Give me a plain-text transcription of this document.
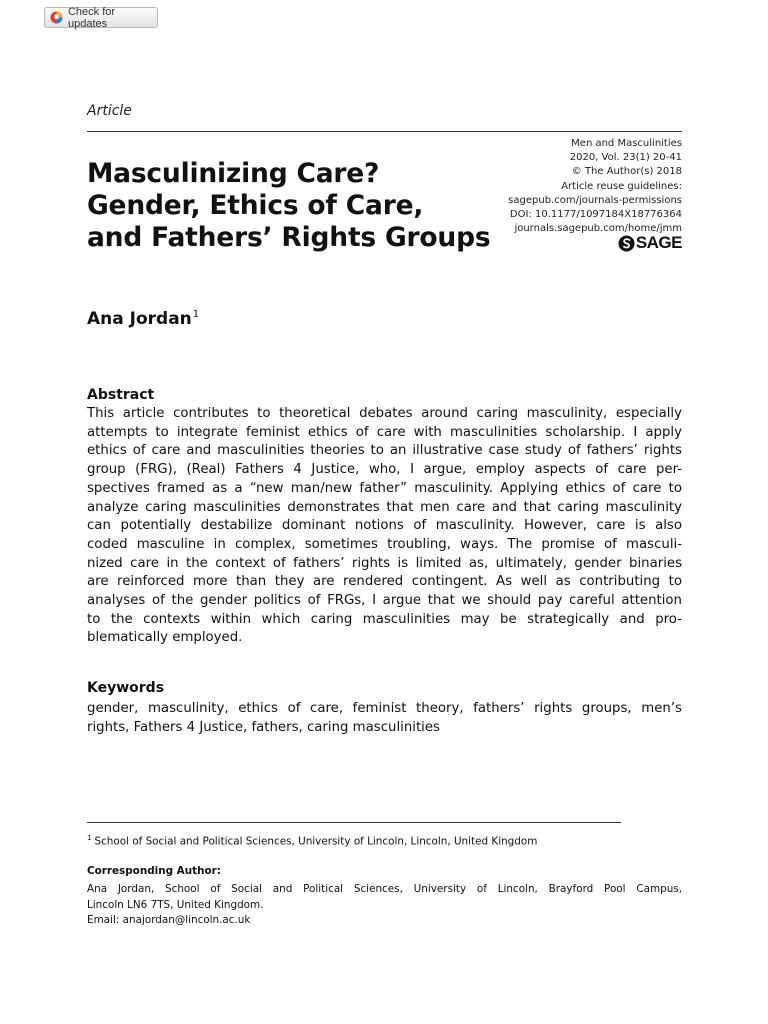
Check for updates
Article
Masculinizing Care?
Gender, Ethics of Care,
and Fathers’ Rights Groups
Men and Masculinities
2020, Vol. 23(1) 20-41
© The Author(s) 2018
Article reuse guidelines:
sagepub.com/journals-permissions
DOI: 10.1177/1097184X18776364
journals.sagepub.com/home/jmm
SAGE
Ana Jordan$^1$
Abstract

This article contributes to theoretical debates around caring masculinity, especially
attempts to integrate feminist ethics of care with masculinities scholarship. I apply
ethics of care and masculinities theories to an illustrative case study of fathers’ rights
group (FRG), (Real) Fathers 4 Justice, who, I argue, employ aspects of care per-
spectives framed as a “new man/new father” masculinity. Applying ethics of care to
analyze caring masculinities demonstrates that men care and that caring masculinity
can potentially destabilize dominant notions of masculinity. However, care is also
coded masculine in complex, sometimes troubling, ways. The promise of masculi-
nized care in the context of fathers’ rights is limited as, ultimately, gender binaries
are reinforced more than they are rendered contingent. As well as contributing to
analyses of the gender politics of FRGs, I argue that we should pay careful attention
to the contexts within which caring masculinities may be strategically and pro-
blematically employed.

Keywords

gender, masculinity, ethics of care, feminist theory, fathers’ rights groups, men’s
rights, Fathers 4 Justice, fathers, caring masculinities

$^1$ School of Social and Political Sciences, University of Lincoln, Lincoln, United Kingdom
Corresponding Author:
Ana Jordan, School of Social and Political Sciences, University of Lincoln, Brayford Pool Campus,
Lincoln LN6 7TS, United Kingdom.
Email: anajordan@lincoln.ac.uk
